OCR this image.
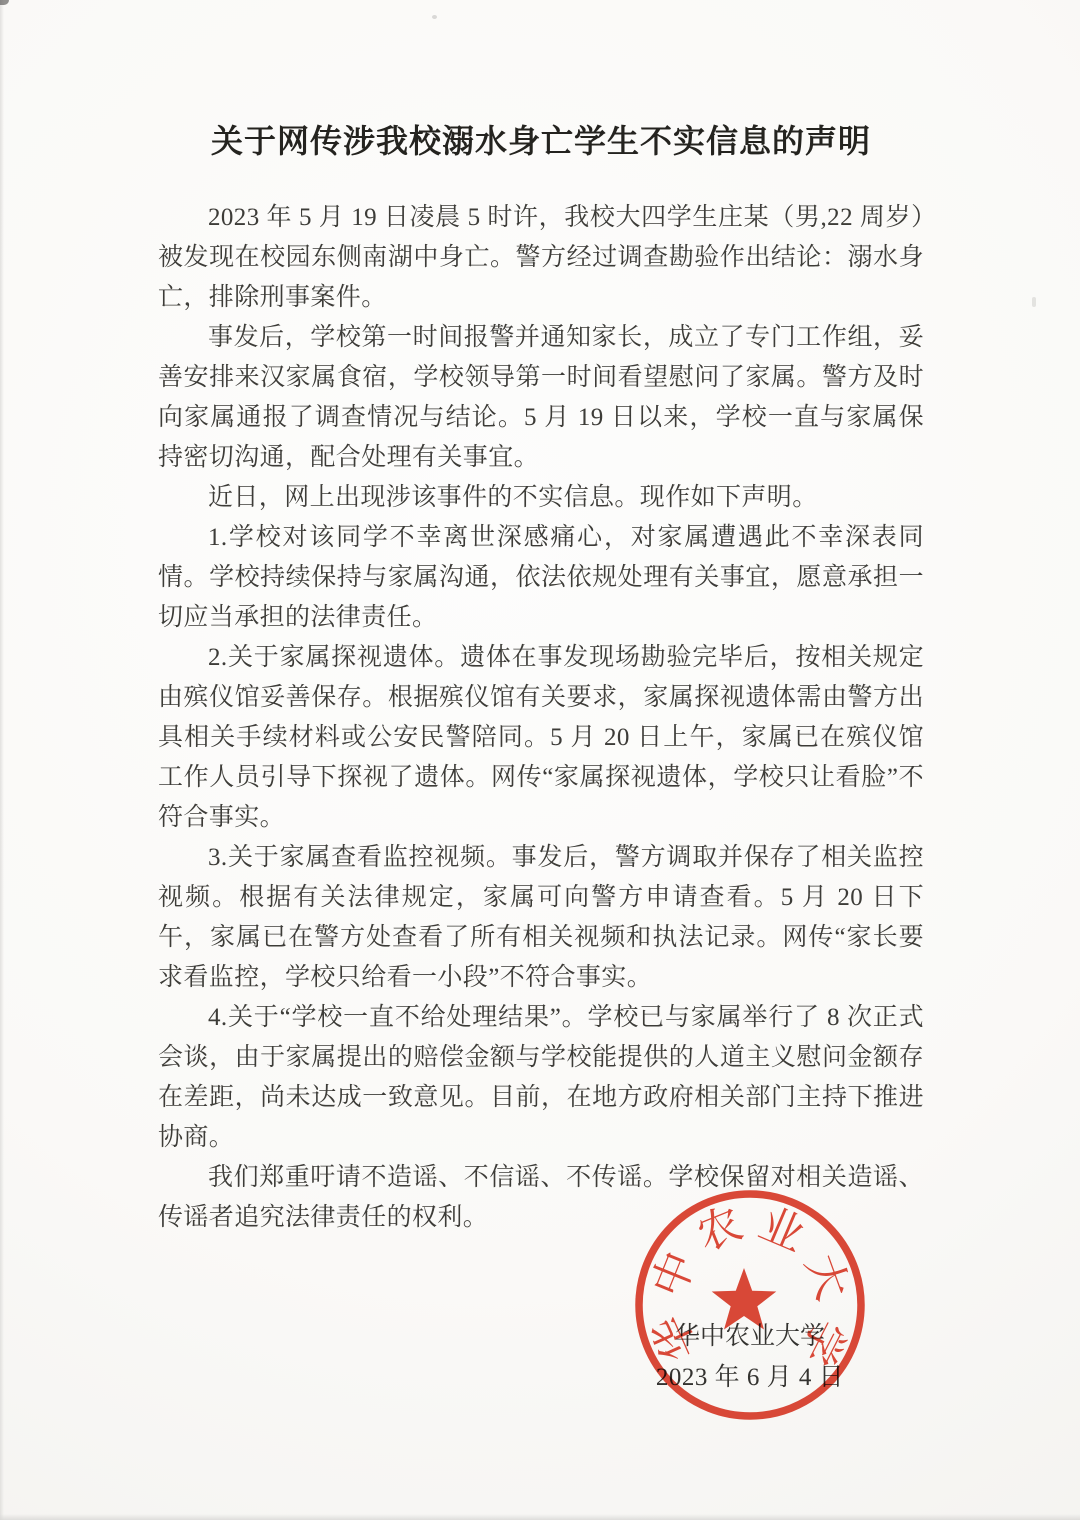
关于网传涉我校溺水身亡学生不实信息的声明

2023 年 5 月 19 日凌晨 5 时许，我校大四学生庄某（男,22 周岁）被发现在校园东侧南湖中身亡。警方经过调查勘验作出结论：溺水身亡，排除刑事案件。

事发后，学校第一时间报警并通知家长，成立了专门工作组，妥善安排来汉家属食宿，学校领导第一时间看望慰问了家属。警方及时向家属通报了调查情况与结论。5 月 19 日以来，学校一直与家属保持密切沟通，配合处理有关事宜。

近日，网上出现涉该事件的不实信息。现作如下声明。

1.学校对该同学不幸离世深感痛心，对家属遭遇此不幸深表同情。学校持续保持与家属沟通，依法依规处理有关事宜，愿意承担一切应当承担的法律责任。

2.关于家属探视遗体。遗体在事发现场勘验完毕后，按相关规定由殡仪馆妥善保存。根据殡仪馆有关要求，家属探视遗体需由警方出具相关手续材料或公安民警陪同。5 月 20 日上午，家属已在殡仪馆工作人员引导下探视了遗体。网传“家属探视遗体，学校只让看脸”不符合事实。

3.关于家属查看监控视频。事发后，警方调取并保存了相关监控视频。根据有关法律规定，家属可向警方申请查看。5 月 20 日下午，家属已在警方处查看了所有相关视频和执法记录。网传“家长要求看监控，学校只给看一小段”不符合事实。

4.关于“学校一直不给处理结果”。学校已与家属举行了 8 次正式会谈，由于家属提出的赔偿金额与学校能提供的人道主义慰问金额存在差距，尚未达成一致意见。目前，在地方政府相关部门主持下推进协商。

我们郑重吁请不造谣、不信谣、不传谣。学校保留对相关造谣、传谣者追究法律责任的权利。

华中农业大学
2023 年 6 月 4 日
华
中
农 业
大
学
